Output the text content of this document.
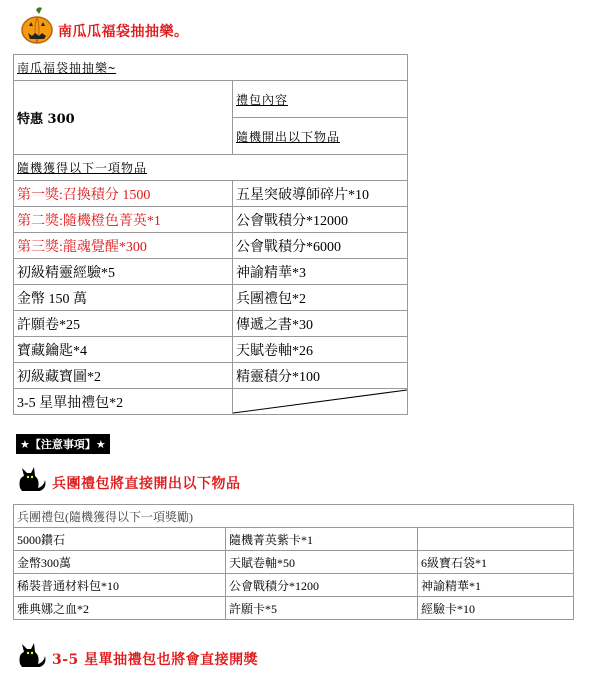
南瓜瓜福袋抽抽樂。
南瓜福袋抽抽樂~	
特惠 300	禮包內容
	隨機開出以下物品
隨機獲得以下一項物品	
第一獎:召換積分 1500	五星突破導師碎片*10
第二獎:隨機橙色菁英*1	公會戰積分*12000
第三獎:龍魂覺醒*300	公會戰積分*6000
初級精靈經驗*5	神諭精華*3
金幣 150 萬	兵團禮包*2
許願卷*25	傳遞之書*30
寶藏鑰匙*4	天賦卷軸*26
初級藏寶圖*2	精靈積分*100
3-5 星單抽禮包*2	
★【注意事項】★
兵團禮包將直接開出以下物品
兵團禮包(隨機獲得以下一項獎勵)		
5000鑽石	隨機菁英紫卡*1	
金幣300萬	天賦卷軸*50	6級寶石袋*1
稀裝普通材料包*10	公會戰積分*1200	神諭精華*1
雅典娜之血*2	許願卡*5	經驗卡*10
3-5 星單抽禮包也將會直接開獎
